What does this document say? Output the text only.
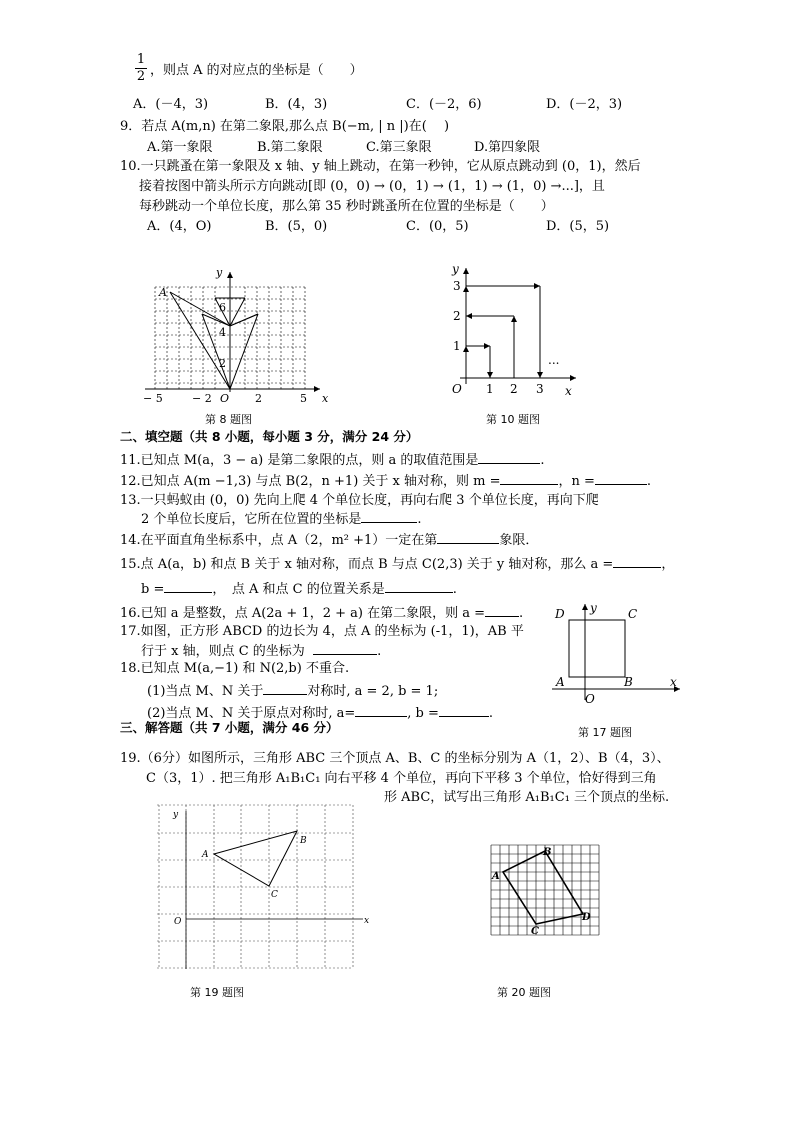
1
2 ，则点 A 的对应点的坐标是（　　）
A．(－4，3)	B．(4，3)	C．(－2，6)	D．(－2，3)
9．若点 A(m,n) 在第二象限,那么点 B(−m, | n |)在(　 )
A.第一象限	B.第二象限	C.第三象限	D.第四象限
10.一只跳蚤在第一象限及 x 轴、y 轴上跳动，在第一秒钟，它从原点跳动到 (0，1)，然后
接着按图中箭头所示方向跳动[即 (0，0) → (0，1) → (1，1) → (1，0) →...]，且
每秒跳动一个单位长度，那么第 35 秒时跳蚤所在位置的坐标是（　　）
A．(4，O)	B．(5，0)	C．(0，5)	D．(5，5)
y
A
6
4
2
O
− 5	− 2	2	5 x
第 8 题图
y
3
2
1
O 1 2 3
...
x
第 10 题图
二、填空题（共 8 小题，每小题 3 分，满分 24 分）
11.已知点 M(a，3 − a) 是第二象限的点，则 a 的取值范围是	.
12.已知点 A(m −1,3) 与点 B(2，n +1) 关于 x 轴对称，则 m =	，n =	.
13.一只蚂蚁由 (0，0) 先向上爬 4 个单位长度，再向右爬 3 个单位长度，再向下爬
2 个单位长度后，它所在位置的坐标是	.
14.在平面直角坐标系中，点 A（2，m² +1）一定在第	象限．
15.点 A(a，b) 和点 B 关于 x 轴对称，而点 B 与点 C(2,3) 关于 y 轴对称，那么 a =	，
b =	，　点 A 和点 C 的位置关系是	.
16.已知 a 是整数，点 A(2a + 1，2 + a) 在第二象限，则 a =	.
17.如图，正方形 ABCD 的边长为 4，点 A 的坐标为 (-1，1)，AB 平
行于 x 轴，则点 C 的坐标为	.
18.已知点 M(a,−1) 和 N(2,b) 不重合.
(1)当点 M、N 关于	对称时, a = 2, b = 1;
(2)当点 M、N 关于原点对称时, a=	, b =	.
D y	C
A	B
O
x
第 17 题图
三、解答题（共 7 小题，满分 46 分）
19.（6分）如图所示，三角形 ABC 三个顶点 A、B、C 的坐标分别为 A（1，2）、B（4，3）、
C（3，1）. 把三角形 A₁B₁C₁ 向右平移 4 个单位，再向下平移 3 个单位，恰好得到三角
形 ABC，试写出三角形 A₁B₁C₁ 三个顶点的坐标.
y
A
B
C
O	x
第 19 题图
A
B
D
C
第 20 题图
